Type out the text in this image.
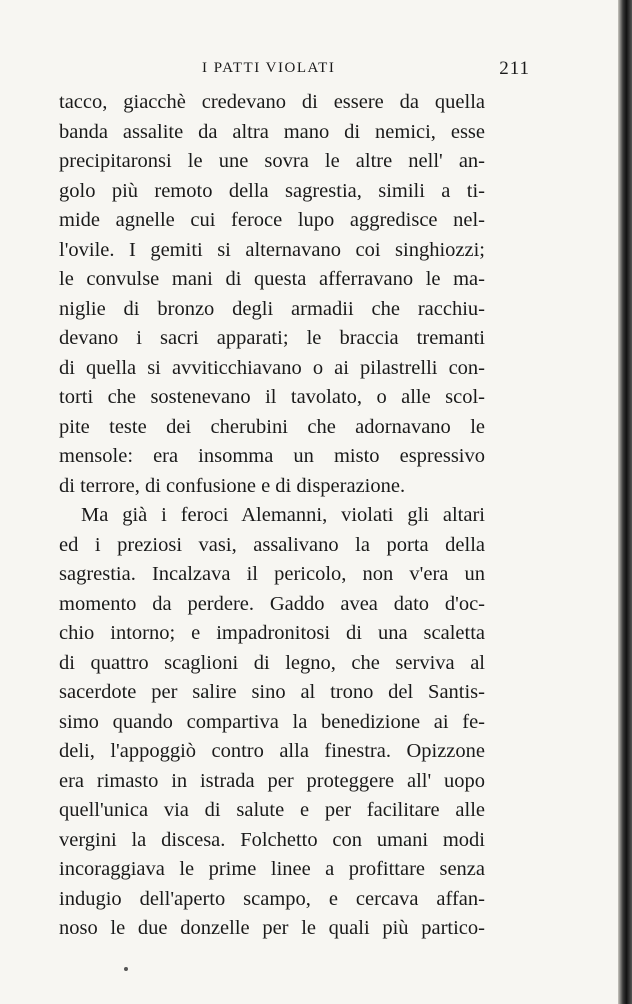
I PATTI VIOLATI	211
tacco, giacchè credevano di essere da quella
banda assalite da altra mano di nemici, esse
precipitaronsi le une sovra le altre nell' an-
golo più remoto della sagrestia, simili a ti-
mide agnelle cui feroce lupo aggredisce nel-
l'ovile. I gemiti si alternavano coi singhiozzi;
le convulse mani di questa afferravano le ma-
niglie di bronzo degli armadii che racchiu-
devano i sacri apparati; le braccia tremanti
di quella si avviticchiavano o ai pilastrelli con-
torti che sostenevano il tavolato, o alle scol-
pite teste dei cherubini che adornavano le
mensole: era insomma un misto espressivo
di terrore, di confusione e di disperazione.
Ma già i feroci Alemanni, violati gli altari
ed i preziosi vasi, assalivano la porta della
sagrestia. Incalzava il pericolo, non v'era un
momento da perdere. Gaddo avea dato d'oc-
chio intorno; e impadronitosi di una scaletta
di quattro scaglioni di legno, che serviva al
sacerdote per salire sino al trono del Santis-
simo quando compartiva la benedizione ai fe-
deli, l'appoggiò contro alla finestra. Opizzone
era rimasto in istrada per proteggere all' uopo
quell'unica via di salute e per facilitare alle
vergini la discesa. Folchetto con umani modi
incoraggiava le prime linee a profittare senza
indugio dell'aperto scampo, e cercava affan-
noso le due donzelle per le quali più partico-
